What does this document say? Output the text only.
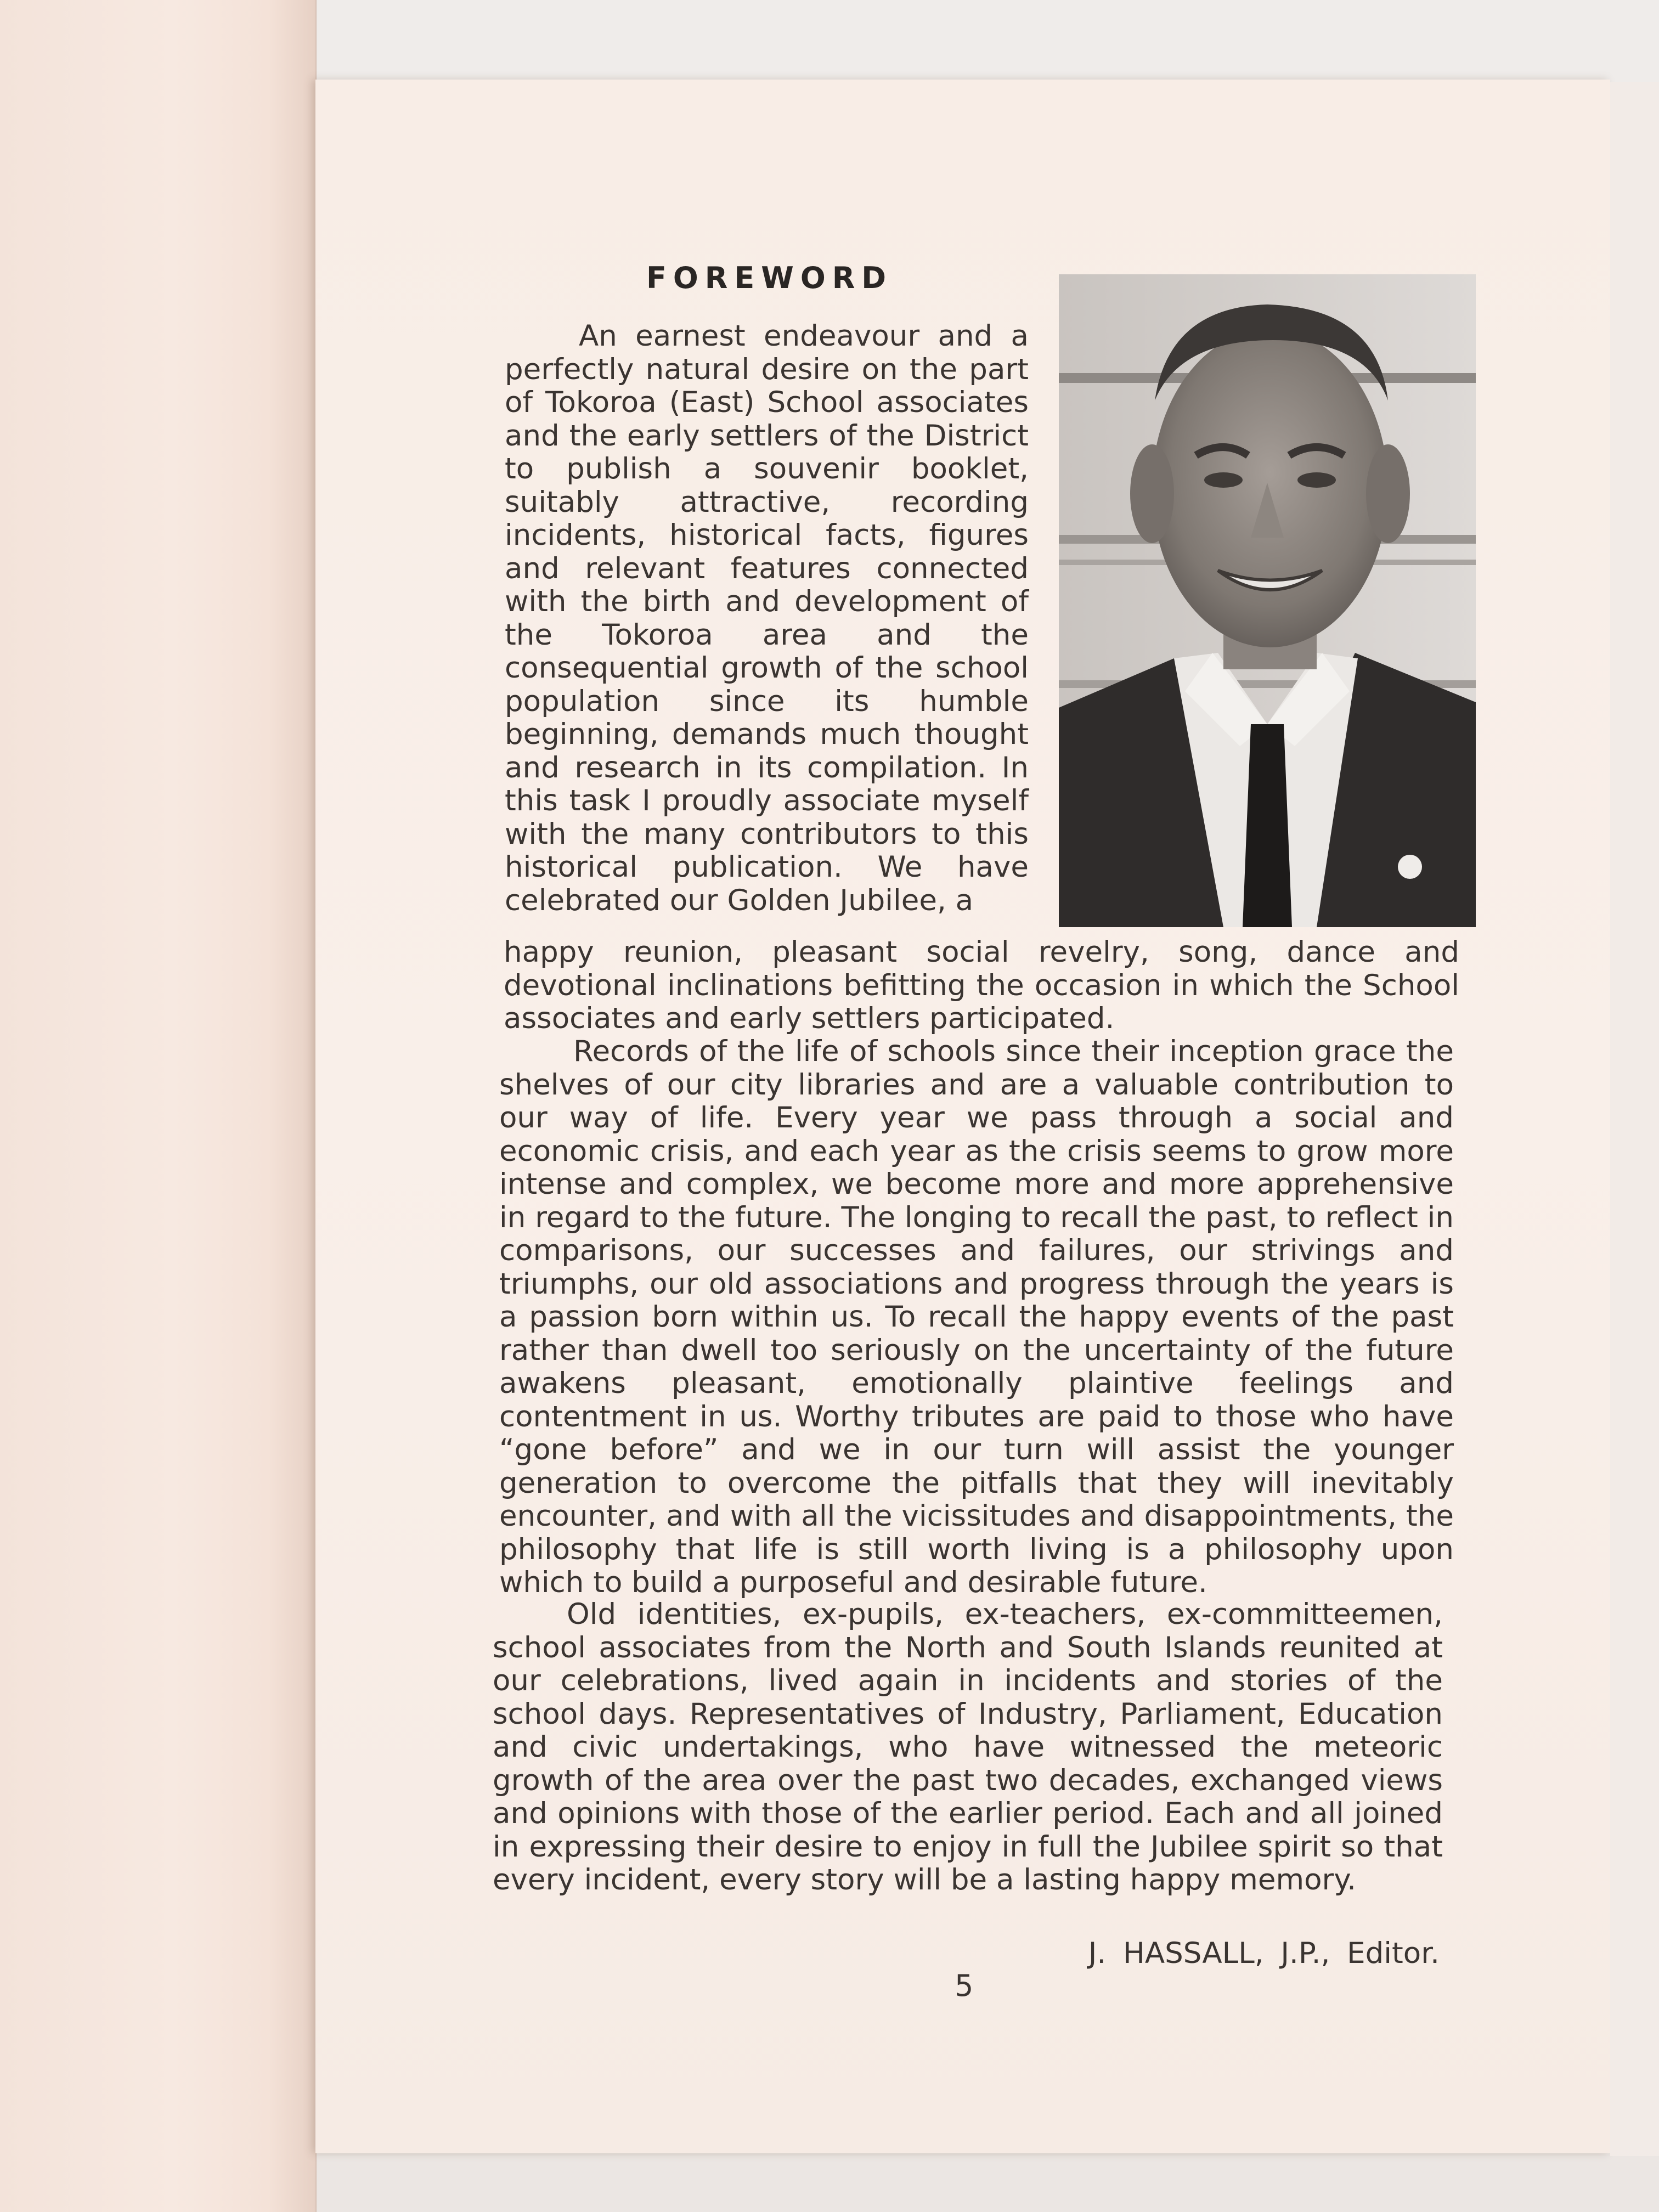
FOREWORD

An earnest endeavour and a perfectly natural desire on the part of Tokoroa (East) School associates and the early settlers of the District to publish a souvenir booklet, suitably attractive, recording incidents, historical facts, figures and relevant features connected with the birth and development of the Tokoroa area and the consequential growth of the school population since its humble beginning, demands much thought and research in its compilation. In this task I proudly associate myself with the many contributors to this historical publication. We have celebrated our Golden Jubilee, a

happy reunion, pleasant social revelry, song, dance and devotional inclinations befitting the occasion in which the School associates and early settlers participated.

Records of the life of schools since their inception grace the shelves of our city libraries and are a valuable contribution to our way of life. Every year we pass through a social and economic crisis, and each year as the crisis seems to grow more intense and complex, we become more and more apprehensive in regard to the future. The longing to recall the past, to reflect in comparisons, our successes and failures, our strivings and triumphs, our old associations and progress through the years is a passion born within us. To recall the happy events of the past rather than dwell too seriously on the uncertainty of the future awakens pleasant, emotionally plaintive feelings and contentment in us. Worthy tributes are paid to those who have “gone before” and we in our turn will assist the younger generation to overcome the pitfalls that they will inevitably encounter, and with all the vicissitudes and disappointments, the philosophy that life is still worth living is a philosophy upon which to build a purposeful and desirable future.

Old identities, ex-pupils, ex-teachers, ex-committeemen, school associates from the North and South Islands reunited at our celebrations, lived again in incidents and stories of the school days. Representatives of Industry, Parliament, Education and civic undertakings, who have witnessed the meteoric growth of the area over the past two decades, exchanged views and opinions with those of the earlier period. Each and all joined in expressing their desire to enjoy in full the Jubilee spirit so that every incident, every story will be a lasting happy memory.

J. HASSALL, J.P., Editor.
5
